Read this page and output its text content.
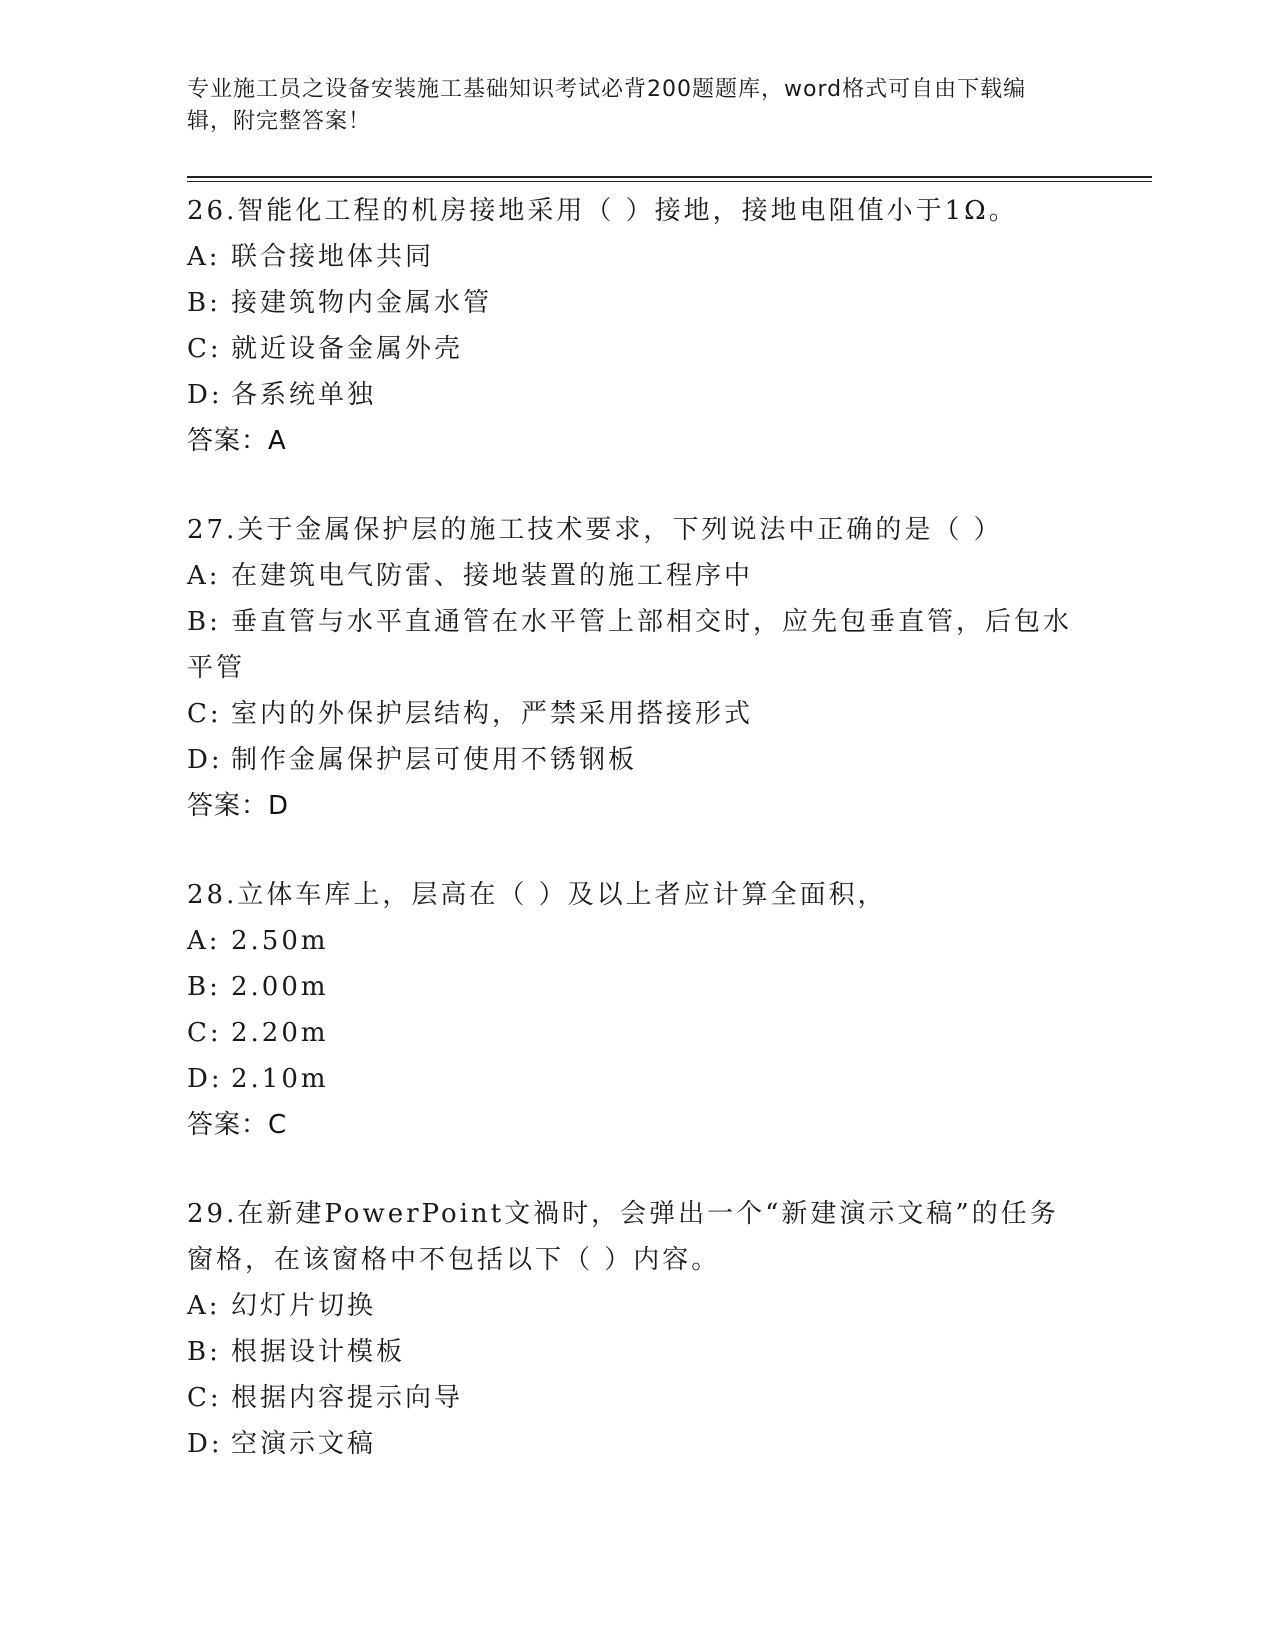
专业施工员之设备安装施工基础知识考试必背200题题库，word格式可自由下载编辑，附完整答案！
26.智能化工程的机房接地采用（ ）接地，接地电阻值小于1Ω。
A: 联合接地体共同
B: 接建筑物内金属水管
C: 就近设备金属外壳
D: 各系统单独
答案：A
27.关于金属保护层的施工技术要求，下列说法中正确的是（ ）
A: 在建筑电气防雷、接地装置的施工程序中
B: 垂直管与水平直通管在水平管上部相交时，应先包垂直管，后包水平管
C: 室内的外保护层结构，严禁采用搭接形式
D: 制作金属保护层可使用不锈钢板
答案：D
28.立体车库上，层高在（ ）及以上者应计算全面积，
A: 2.50m
B: 2.00m
C: 2.20m
D: 2.10m
答案：C
29.在新建PowerPoint文禍时，会弹出一个“新建演示文稿”的任务窗格，在该窗格中不包括以下（ ）内容。
A: 幻灯片切换
B: 根据设计模板
C: 根据内容提示向导
D: 空演示文稿
